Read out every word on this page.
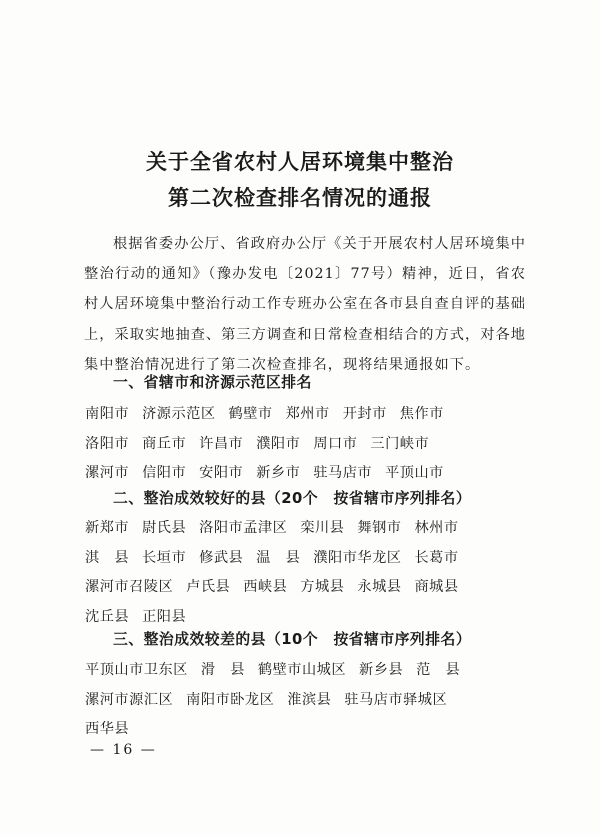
关于全省农村人居环境集中整治
第二次检查排名情况的通报

根据省委办公厅、省政府办公厅《关于开展农村人居环境集中整治行动的通知》（豫办发电〔2021〕77号）精神，近日，省农村人居环境集中整治行动工作专班办公室在各市县自查自评的基础上，采取实地抽查、第三方调查和日常检查相结合的方式，对各地集中整治情况进行了第二次检查排名，现将结果通报如下。

一、省辖市和济源示范区排名
南阳市 济源示范区 鹤壁市 郑州市 开封市 焦作市
洛阳市 商丘市 许昌市 濮阳市 周口市 三门峡市
漯河市 信阳市 安阳市 新乡市 驻马店市 平顶山市
二、整治成效较好的县（20个　按省辖市序列排名）
新郑市 尉氏县 洛阳市孟津区 栾川县 舞钢市 林州市
淇　县 长垣市 修武县 温　县 濮阳市华龙区 长葛市
漯河市召陵区 卢氏县 西峡县 方城县 永城县 商城县
沈丘县 正阳县
三、整治成效较差的县（10个　按省辖市序列排名）
平顶山市卫东区 滑　县 鹤壁市山城区 新乡县 范　县
漯河市源汇区 南阳市卧龙区 淮滨县 驻马店市驿城区
西华县
— 16 —
